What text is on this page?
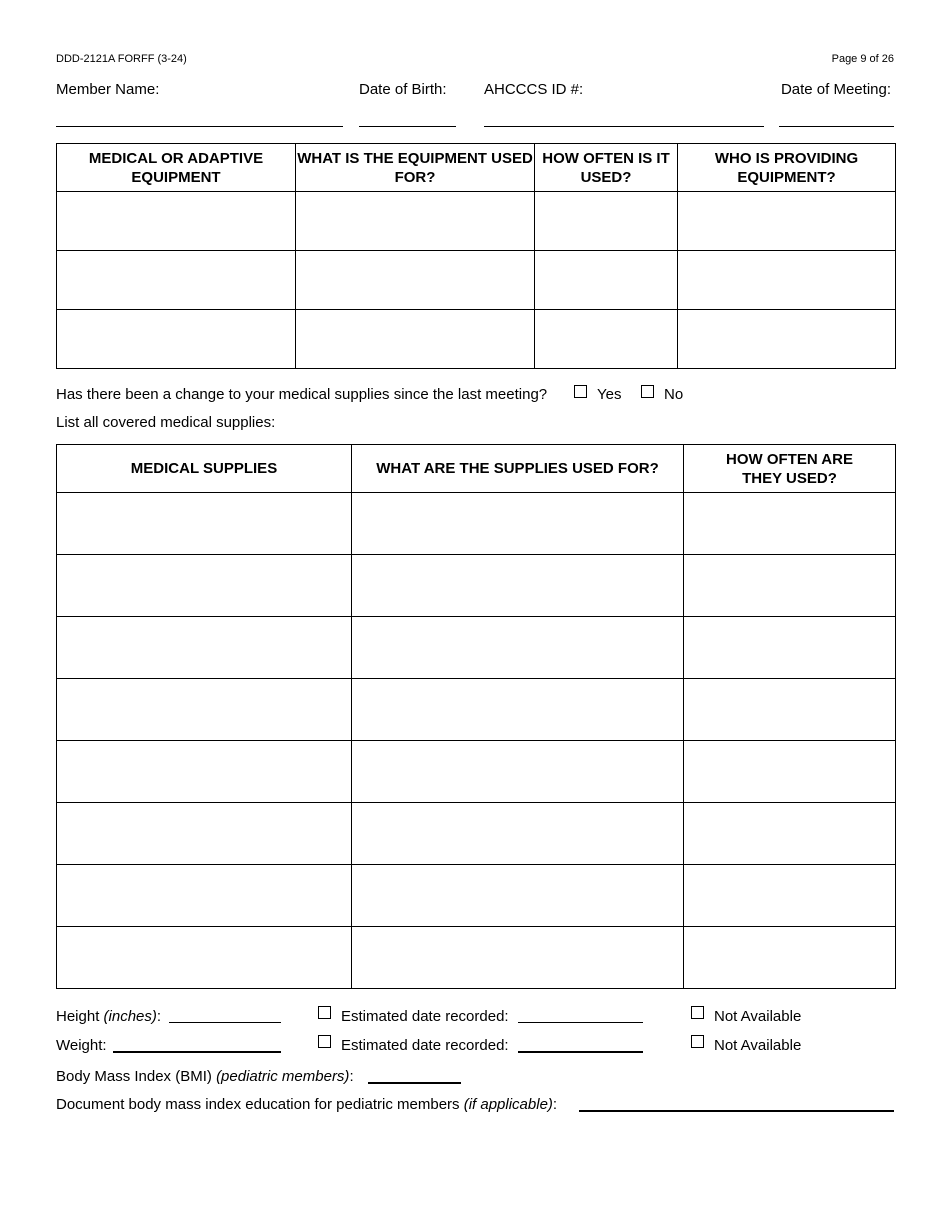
DDD-2121A FORFF (3-24)	Page 9 of 26
Member Name:	Date of Birth: AHCCCS ID #:	Date of Meeting:
MEDICAL OR ADAPTIVE EQUIPMENT	WHAT IS THE EQUIPMENT USED FOR?	HOW OFTEN IS IT USED?	WHO IS PROVIDING EQUIPMENT?

Has there been a change to your medical supplies since the last meeting?	Yes	No
List all covered medical supplies:
MEDICAL SUPPLIES	WHAT ARE THE SUPPLIES USED FOR?	HOW OFTEN ARE THEY USED?

Height (inches):	Estimated date recorded:	Not Available
Weight:	Estimated date recorded:	Not Available
Body Mass Index (BMI) (pediatric members):
Document body mass index education for pediatric members (if applicable):
